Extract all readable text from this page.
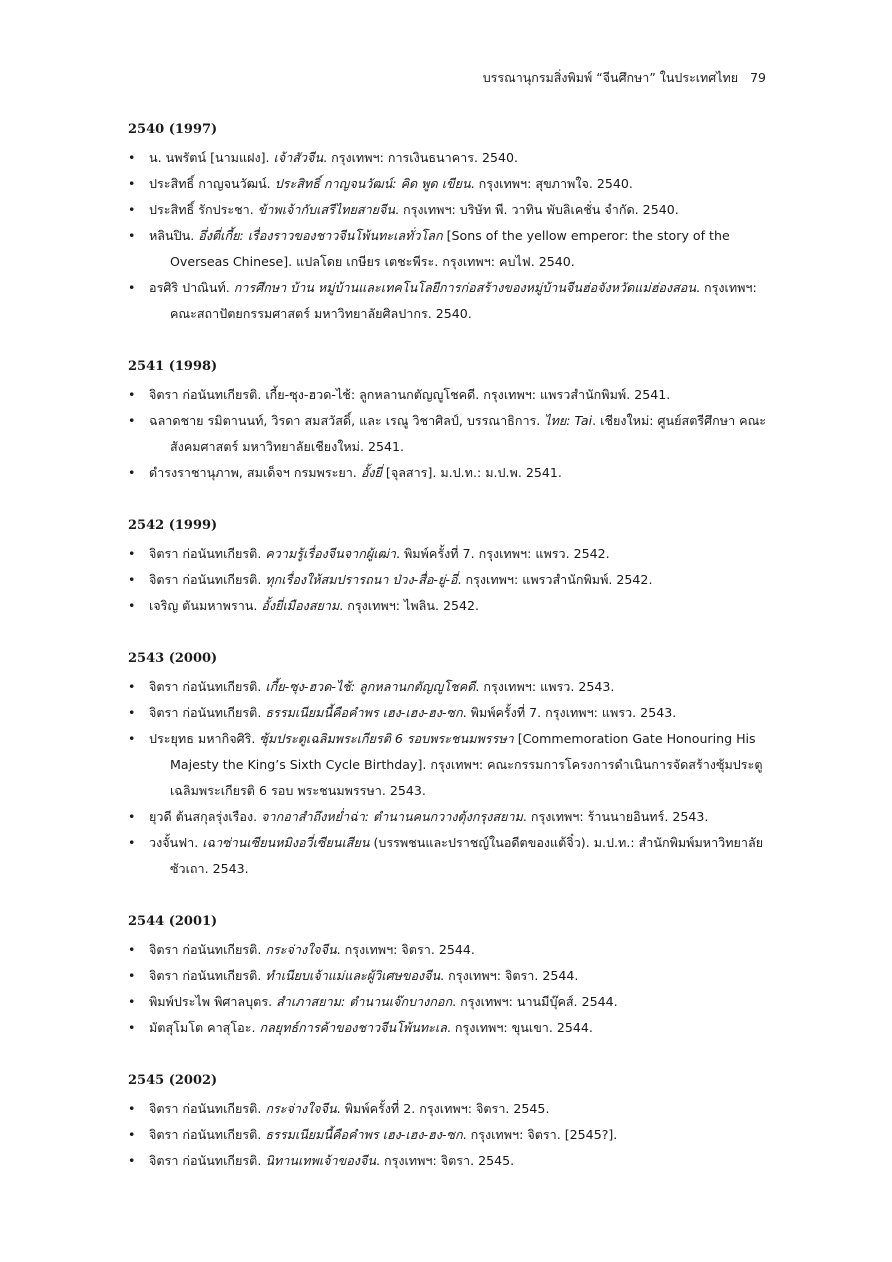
บรรณานุกรมสิ่งพิมพ์ “จีนศึกษา” ในประเทศไทย 79
2540 (1997)
• น. นพรัตน์ [นามแฝง]. เจ้าสัวจีน. กรุงเทพฯ: การเงินธนาคาร. 2540.
• ประสิทธิ์ กาญจนวัฒน์. ประสิทธิ์ กาญจนวัฒน์: คิด พูด เขียน. กรุงเทพฯ: สุขภาพใจ. 2540.
• ประสิทธิ์ รักประชา. ข้าพเจ้ากับเสรีไทยสายจีน. กรุงเทพฯ: บริษัท พี. วาทิน พับลิเคชั่น จำกัด. 2540.
• หลินปิน. อึ่งตี่เกี้ย: เรื่องราวของชาวจีนโพ้นทะเลทั่วโลก [Sons of the yellow emperor: the story of the Overseas Chinese]. แปลโดย เกษียร เตชะพีระ. กรุงเทพฯ: คบไฟ. 2540.
• อรศิริ ปาณินท์. การศึกษา บ้าน หมู่บ้านและเทคโนโลยีการก่อสร้างของหมู่บ้านจีนฮ่อจังหวัดแม่ฮ่องสอน. กรุงเทพฯ: คณะสถาปัตยกรรมศาสตร์ มหาวิทยาลัยศิลปากร. 2540.
2541 (1998)
• จิตรา ก่อนันทเกียรติ. เกี้ย-ซุง-ฮวด-ไช้: ลูกหลานกตัญญูโชคดี. กรุงเทพฯ: แพรวสำนักพิมพ์. 2541.
• ฉลาดชาย รมิตานนท์, วิรดา สมสวัสดิ์, และ เรณู วิชาศิลป์, บรรณาธิการ. ไทย: Tai. เชียงใหม่: ศูนย์สตรีศึกษา คณะสังคมศาสตร์ มหาวิทยาลัยเชียงใหม่. 2541.
• ดำรงราชานุภาพ, สมเด็จฯ กรมพระยา. อั้งยี่ [จุลสาร]. ม.ป.ท.: ม.ป.พ. 2541.
2542 (1999)
• จิตรา ก่อนันทเกียรติ. ความรู้เรื่องจีนจากผู้เฒ่า. พิมพ์ครั้งที่ 7. กรุงเทพฯ: แพรว. 2542.
• จิตรา ก่อนันทเกียรติ. ทุกเรื่องให้สมปรารถนา ป่วง-สื่อ-ยู่-อี่. กรุงเทพฯ: แพรวสำนักพิมพ์. 2542.
• เจริญ ตันมหาพราน. อั้งยี่เมืองสยาม. กรุงเทพฯ: ไพลิน. 2542.
2543 (2000)
• จิตรา ก่อนันทเกียรติ. เกี้ย-ซุง-ฮวด-ไช้: ลูกหลานกตัญญูโชคดี. กรุงเทพฯ: แพรว. 2543.
• จิตรา ก่อนันทเกียรติ. ธรรมเนียมนี้คือคำพร เฮง-เฮง-ฮง-ซก. พิมพ์ครั้งที่ 7. กรุงเทพฯ: แพรว. 2543.
• ประยุทธ มหากิจศิริ. ซุ้มประตูเฉลิมพระเกียรติ 6 รอบพระชนมพรรษา [Commemoration Gate Honouring His Majesty the King’s Sixth Cycle Birthday]. กรุงเทพฯ: คณะกรรมการโครงการดำเนินการจัดสร้างซุ้มประตูเฉลิมพระเกียรติ 6 รอบ พระชนมพรรษา. 2543.
• ยุวดี ต้นสกุลรุ่งเรือง. จากอาสำถึงหย่ำฉ่า: ตำนานคนกวางตุ้งกรุงสยาม. กรุงเทพฯ: ร้านนายอินทร์. 2543.
• วงจั้นฟา. เฉาซ่านเซียนหมิงอวี่เซียนเสียน (บรรพชนและปราชญ์ในอดีตของแต้จิ๋ว). ม.ป.ท.: สำนักพิมพ์มหาวิทยาลัยซัวเถา. 2543.
2544 (2001)
• จิตรา ก่อนันทเกียรติ. กระจ่างใจจีน. กรุงเทพฯ: จิตรา. 2544.
• จิตรา ก่อนันทเกียรติ. ทำเนียบเจ้าแม่และผู้วิเศษของจีน. กรุงเทพฯ: จิตรา. 2544.
• พิมพ์ประไพ พิศาลบุตร. สำเภาสยาม: ตำนานเจ๊กบางกอก. กรุงเทพฯ: นานมีบุ๊คส์. 2544.
• มัตสุโมโต คาสุโอะ. กลยุทธ์การค้าของชาวจีนโพ้นทะเล. กรุงเทพฯ: ขุนเขา. 2544.
2545 (2002)
• จิตรา ก่อนันทเกียรติ. กระจ่างใจจีน. พิมพ์ครั้งที่ 2. กรุงเทพฯ: จิตรา. 2545.
• จิตรา ก่อนันทเกียรติ. ธรรมเนียมนี้คือคำพร เฮง-เฮง-ฮง-ซก. กรุงเทพฯ: จิตรา. [2545?].
• จิตรา ก่อนันทเกียรติ. นิทานเทพเจ้าของจีน. กรุงเทพฯ: จิตรา. 2545.
